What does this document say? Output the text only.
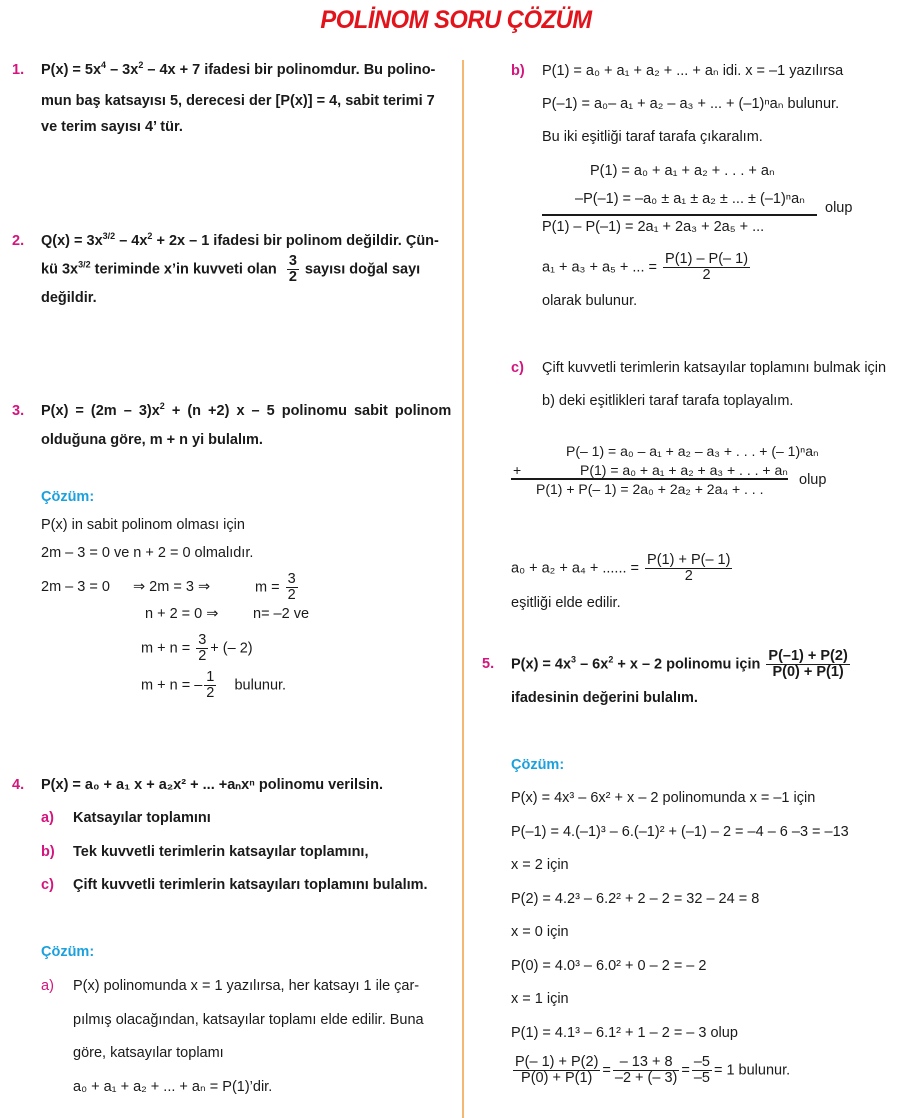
POLİNOM SORU ÇÖZÜM
1. $P(x) = 5x^4 - 3x^2 - 4x + 7$ ifadesi bir polinomdur. Bu polino-
mun baş katsayısı 5, derecesi der [P(x)] = 4, sabit terimi 7
ve terim sayısı 4’ tür.
2. $Q(x) = 3x^{3/2} - 4x^2 + 2x - 1$ ifadesi bir polinom değildir. Çün-
kü $3x^{3/2}$ teriminde x’in kuvveti olan $\frac{3}{2}$ sayısı doğal sayı
değildir.
3. $P(x) = (2m - 3)x^2 + (n +2)$ x – 5 polinomu sabit polinom
olduğuna göre, m + n yi bulalım.
Çözüm:
P(x) in sabit polinom olması için
2m – 3 = 0 ve n + 2 = 0 olmalıdır.
2m – 3 = 0 ⇒ 2m = 3 ⇒	$m = \frac{3}{2}$
n + 2 = 0 ⇒ n= –2 ve
$m + n = \frac{3}{2}$ + (– 2)
m + n = – $\frac{1}{2}$ bulunur.
4. P(x) = a₀ + a₁ x + a₂x² + ... +aₙxⁿ polinomu verilsin.
a) Katsayılar toplamını
b) Tek kuvvetli terimlerin katsayılar toplamını,
c) Çift kuvvetli terimlerin katsayıları toplamını bulalım.
Çözüm:
a) P(x) polinomunda x = 1 yazılırsa, her katsayı 1 ile çar-
pılmış olacağından, katsayılar toplamı elde edilir. Buna
göre, katsayılar toplamı
a₀ + a₁ + a₂ + ... + aₙ = P(1)’dir.
b) P(1) = a₀ + a₁ + a₂ + ... + aₙ idi. x = –1 yazılırsa
P(–1) = a₀– a₁ + a₂ – a₃ + ... + (–1)ⁿaₙ bulunur.
Bu iki eşitliği taraf tarafa çıkaralım.
P(1) = a₀ + a₁ + a₂ + . . . + aₙ
–P(–1) = –a₀ ± a₁ ± a₂ ± ... ± (–1)ⁿaₙ
olup
P(1) – P(–1) = 2a₁ + 2a₃ + 2a₅ + ...
a₁ + a₃ + a₅ + ... = $\frac{P(1) - P(- 1)}{2}$
olarak bulunur.
c) Çift kuvvetli terimlerin katsayılar toplamını bulmak için
b) deki eşitlikleri taraf tarafa toplayalım.
P(– 1) = a₀ – a₁ + a₂ – a₃ + . . . + (– 1)ⁿaₙ
+	P(1) = a₀ + a₁ + a₂ + a₃ + . . . + aₙ
olup
P(1) + P(– 1) = 2a₀ + 2a₂ + 2a₄ + . . .
a₀ + a₂ + a₄ + ...... = $\frac{P(1) + P(- 1)}{2}$
eşitliği elde edilir.
5. $P(x) = 4x^3 - 6x^2 + x - 2$ polinomu için $\frac{P(-1) + P(2)}{P(0) + P(1)}$
ifadesinin değerini bulalım.
Çözüm:
P(x) = 4x³ – 6x² + x – 2 polinomunda x = –1 için
P(–1) = 4.(–1)³ – 6.(–1)² + (–1) – 2 = –4 – 6 –3 = –13
x = 2 için
P(2) = 4.2³ – 6.2² + 2 – 2 = 32 – 24 = 8
x = 0 için
P(0) = 4.0³ – 6.0² + 0 – 2 = – 2
x = 1 için
P(1) = 4.1³ – 6.1² + 1 – 2 = – 3 olup
$\frac{P(- 1) + P(2)}{P(0) + P(1)} = \frac{- 13 + 8}{-2 + (- 3)} = \frac{-5}{-5} = 1$ bulunur.
